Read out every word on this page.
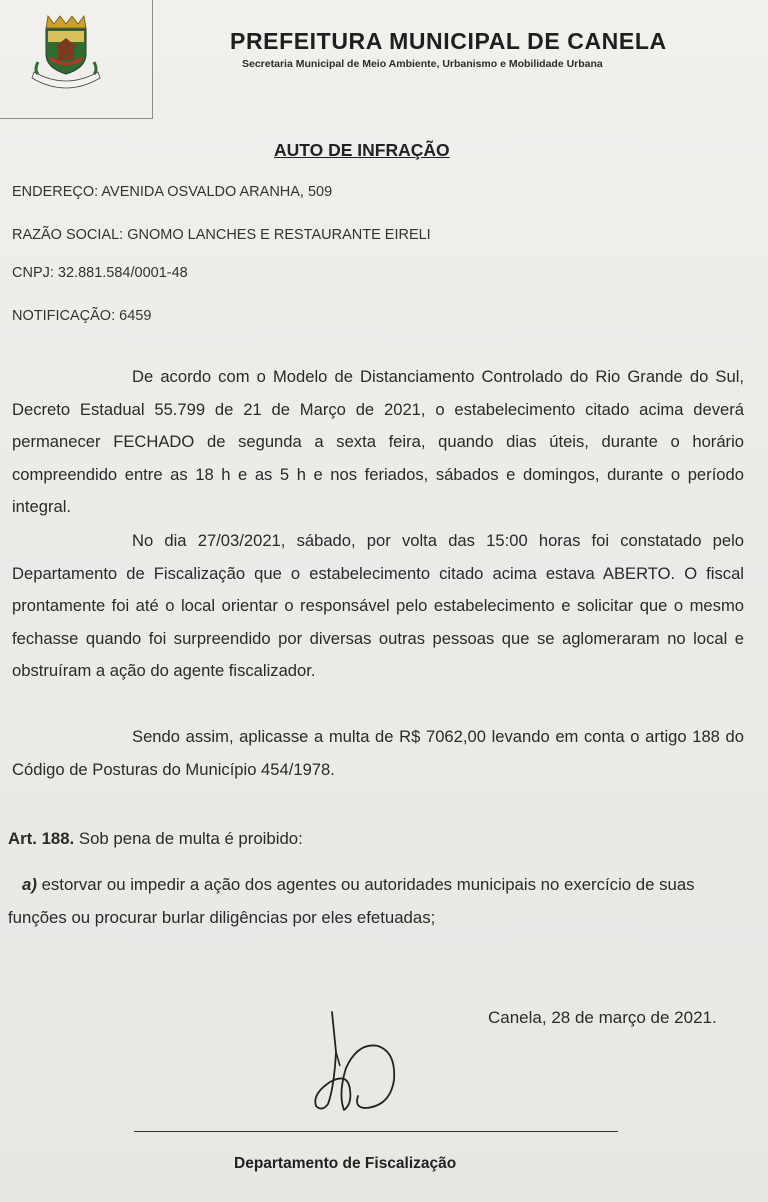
PREFEITURA MUNICIPAL DE CANELA
Secretaria Municipal de Meio Ambiente, Urbanismo e Mobilidade Urbana
AUTO DE INFRAÇÃO
ENDEREÇO: AVENIDA OSVALDO ARANHA, 509
RAZÃO SOCIAL: GNOMO LANCHES E RESTAURANTE EIRELI
CNPJ: 32.881.584/0001-48
NOTIFICAÇÃO: 6459
De acordo com o Modelo de Distanciamento Controlado do Rio Grande do Sul, Decreto Estadual 55.799 de 21 de Março de 2021, o estabelecimento citado acima deverá permanecer FECHADO de segunda a sexta feira, quando dias úteis, durante o horário compreendido entre as 18 h e as 5 h e nos feriados, sábados e domingos, durante o período integral.
No dia 27/03/2021, sábado, por volta das 15:00 horas foi constatado pelo Departamento de Fiscalização que o estabelecimento citado acima estava ABERTO. O fiscal prontamente foi até o local orientar o responsável pelo estabelecimento e solicitar que o mesmo fechasse quando foi surpreendido por diversas outras pessoas que se aglomeraram no local e obstruíram a ação do agente fiscalizador.
Sendo assim, aplicasse a multa de R$ 7062,00 levando em conta o artigo 188 do Código de Posturas do Município 454/1978.
Art. 188. Sob pena de multa é proibido:
a) estorvar ou impedir a ação dos agentes ou autoridades municipais no exercício de suas funções ou procurar burlar diligências por eles efetuadas;
Canela, 28 de março de 2021.
Departamento de Fiscalização
